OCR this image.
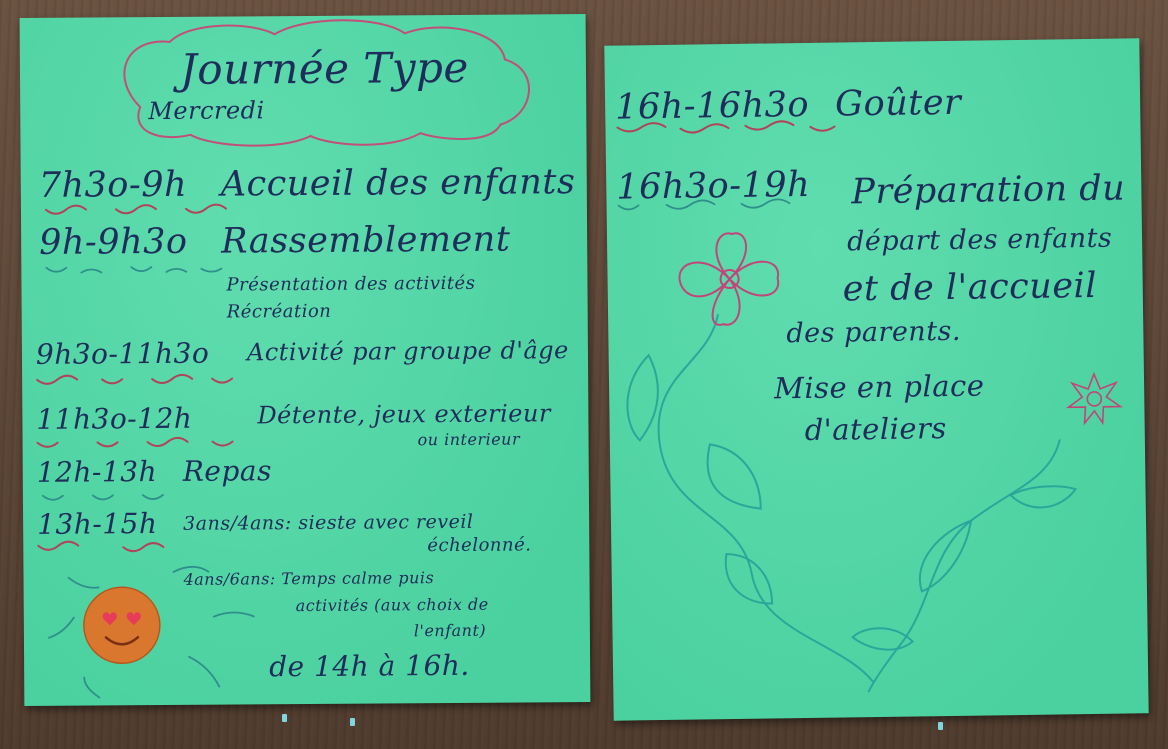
Journée Type
Mercredi
7h3o-9h Accueil des enfants
9h-9h3o Rassemblement
Présentation des activités
Récréation
9h3o-11h3o Activité par groupe d'âge
11h3o-12h	Détente, jeux exterieur
ou interieur
12h-13h Repas
13h-15h 3ans/4ans: sieste avec reveil
échelonné.
4ans/6ans: Temps calme puis
activités (aux choix de
l'enfant)
de 14h à 16h.
16h-16h3o Goûter
16h3o-19h Préparation du
départ des enfants
et de l'accueil
des parents.
Mise en place
d'ateliers
